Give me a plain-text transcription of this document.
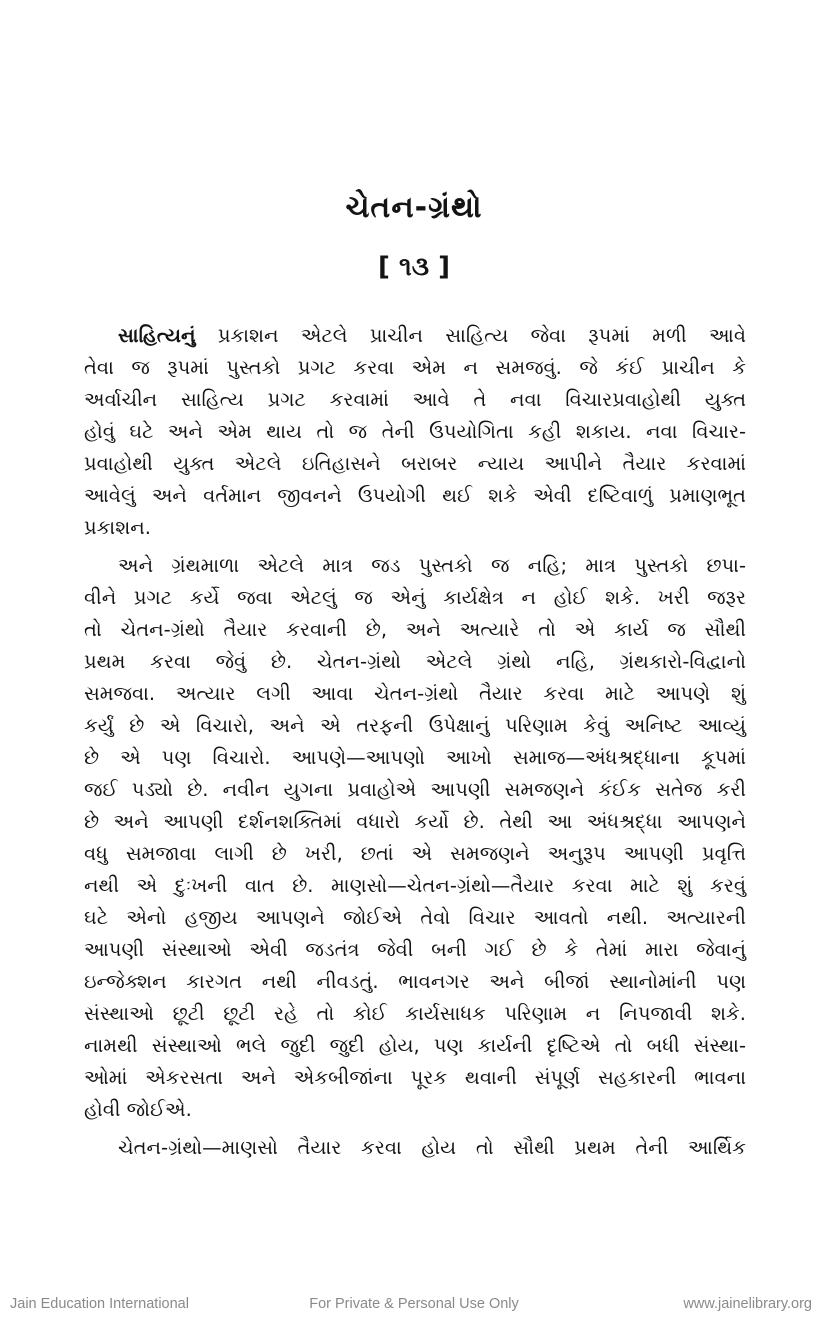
ચેતન-ગ્રંથો
[ ૧૩ ]
સાહિત્યનું પ્રકાશન એટલે પ્રાચીન સાહિત્ય જેવા રૂપમાં મળી આવે
તેવા જ રૂપમાં પુસ્તકો પ્રગટ કરવા એમ ન સમજવું. જે કંઈ પ્રાચીન કે
અર્વાચીન સાહિત્ય પ્રગટ કરવામાં આવે તે નવા વિચારપ્રવાહોથી યુક્ત
હોવું ઘટે અને એમ થાય તો જ તેની ઉપયોગિતા કહી શકાય. નવા વિચાર-
પ્રવાહોથી યુક્ત એટલે ઇતિહાસને બરાબર ન્યાય આપીને તૈયાર કરવામાં
આવેલું અને વર્તમાન જીવનને ઉપયોગી થઈ શકે એવી દષ્ટિવાળું પ્રમાણભૂત
પ્રકાશન.
અને ગ્રંથમાળા એટલે માત્ર જડ પુસ્તકો જ નહિ; માત્ર પુસ્તકો છપા-
વીને પ્રગટ કર્યે જવા એટલું જ એનું કાર્યક્ષેત્ર ન હોઈ શકે. ખરી જરૂર
તો ચેતન-ગ્રંથો તૈયાર કરવાની છે, અને અત્યારે તો એ કાર્ય જ સૌથી
પ્રથમ કરવા જેવું છે. ચેતન-ગ્રંથો એટલે ગ્રંથો નહિ, ગ્રંથકારો-વિદ્વાનો
સમજવા. અત્યાર લગી આવા ચેતન-ગ્રંથો તૈયાર કરવા માટે આપણે શું
કર્યું છે એ વિચારો, અને એ તરફની ઉપેક્ષાનું પરિણામ કેવું અનિષ્ટ આવ્યું
છે એ પણ વિચારો. આપણે—આપણો આખો સમાજ—અંધશ્રદ્ધાના કૂપમાં
જઈ પડ્યો છે. નવીન યુગના પ્રવાહોએ આપણી સમજણને કંઈક સતેજ કરી
છે અને આપણી દર્શનશક્તિમાં વધારો કર્યો છે. તેથી આ અંધશ્રદ્ધા આપણને
વધુ સમજાવા લાગી છે ખરી, છતાં એ સમજણને અનુરૂપ આપણી પ્રવૃત્તિ
નથી એ દુઃખની વાત છે. માણસો—ચેતન-ગ્રંથો—તૈયાર કરવા માટે શું કરવું
ઘટે એનો હજીય આપણને જોઈએ તેવો વિચાર આવતો નથી. અત્યારની
આપણી સંસ્થાઓ એવી જડતંત્ર જેવી બની ગઈ છે કે તેમાં મારા જેવાનું
ઇન્જેક્શન કારગત નથી નીવડતું. ભાવનગર અને બીજાં સ્થાનોમાંની પણ
સંસ્થાઓ છૂટી છૂટી રહે તો કોઈ કાર્યસાધક પરિણામ ન નિપજાવી શકે.
નામથી સંસ્થાઓ ભલે જુદી જુદી હોય, પણ કાર્યની દૃષ્ટિએ તો બધી સંસ્થા-
ઓમાં એકરસતા અને એકબીજાંના પૂરક થવાની સંપૂર્ણ સહકારની ભાવના
હોવી જોઈએ.
ચેતન-ગ્રંથો—માણસો તૈયાર કરવા હોય તો સૌથી પ્રથમ તેની આર્થિક
Jain Education International	For Private & Personal Use Only	www.jainelibrary.org
